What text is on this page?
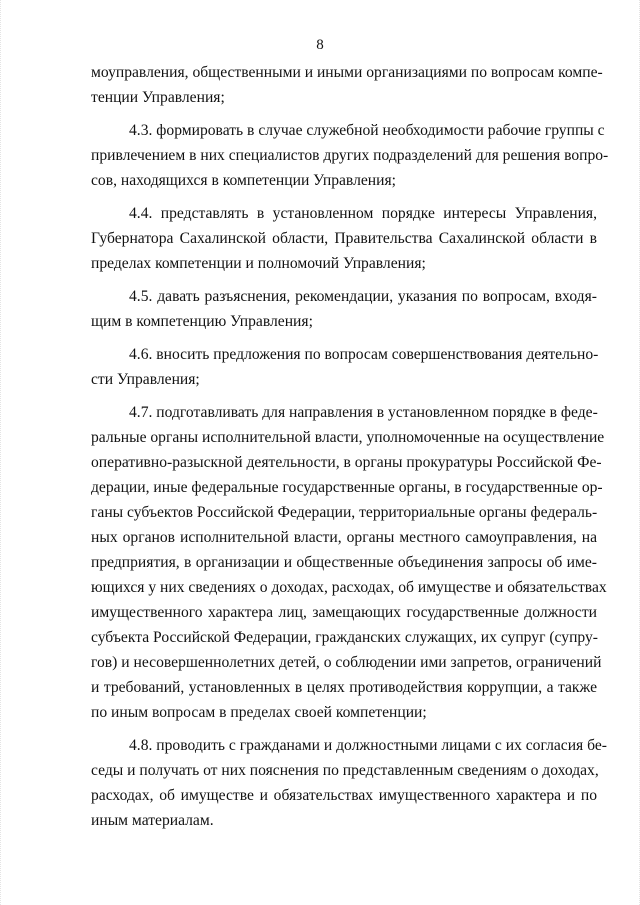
8

моуправления, общественными и иными организациями по вопросам компе-
тенции Управления;

4.3. формировать в случае служебной необходимости рабочие группы с
привлечением в них специалистов других подразделений для решения вопро-
сов, находящихся в компетенции Управления;

4.4. представлять в установленном порядке интересы Управления,
Губернатора Сахалинской области, Правительства Сахалинской области в
пределах компетенции и полномочий Управления;

4.5. давать разъяснения, рекомендации, указания по вопросам, входя-
щим в компетенцию Управления;

4.6. вносить предложения по вопросам совершенствования деятельно-
сти Управления;

4.7. подготавливать для направления в установленном порядке в феде-
ральные органы исполнительной власти, уполномоченные на осуществление
оперативно-разыскной деятельности, в органы прокуратуры Российской Фе-
дерации, иные федеральные государственные органы, в государственные ор-
ганы субъектов Российской Федерации, территориальные органы федераль-
ных органов исполнительной власти, органы местного самоуправления, на
предприятия, в организации и общественные объединения запросы об име-
ющихся у них сведениях о доходах, расходах, об имуществе и обязательствах
имущественного характера лиц, замещающих государственные должности
субъекта Российской Федерации, гражданских служащих, их супруг (супру-
гов) и несовершеннолетних детей, о соблюдении ими запретов, ограничений
и требований, установленных в целях противодействия коррупции, а также
по иным вопросам в пределах своей компетенции;

4.8. проводить с гражданами и должностными лицами с их согласия бе-
седы и получать от них пояснения по представленным сведениям о доходах,
расходах, об имуществе и обязательствах имущественного характера и по
иным материалам.
